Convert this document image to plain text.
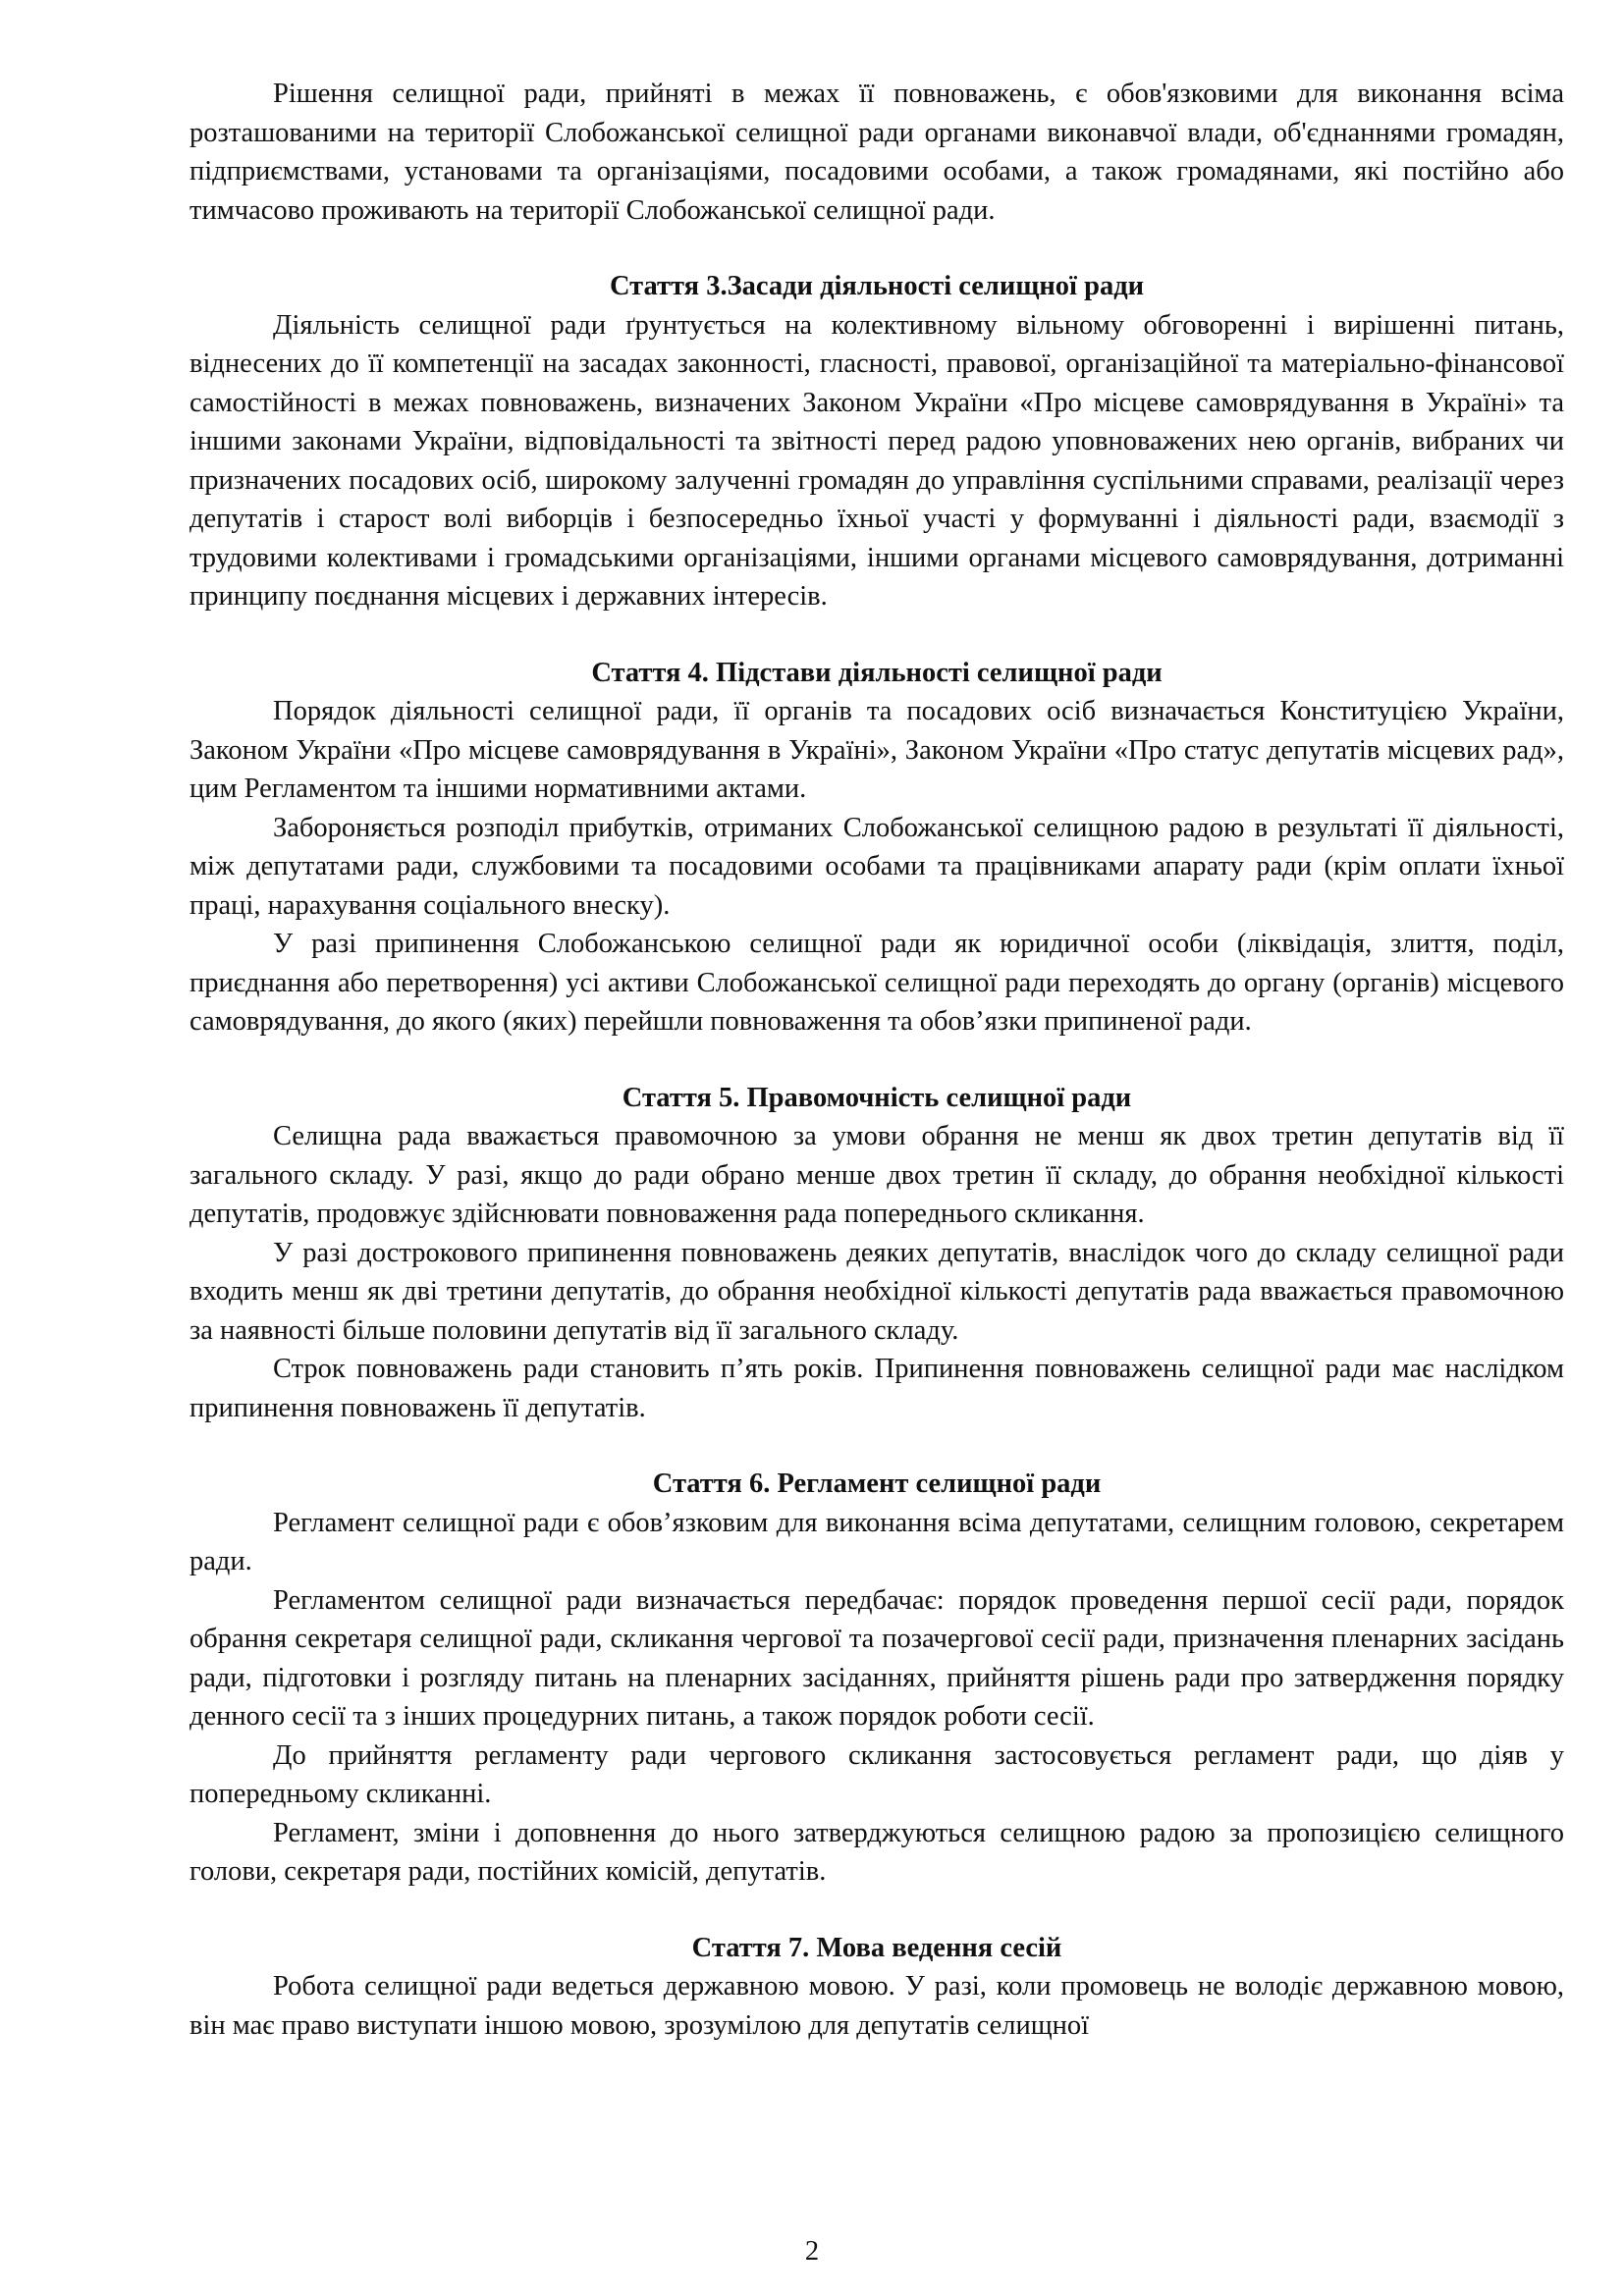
Рішення селищної ради, прийняті в межах її повноважень, є обов'язковими для виконання всіма розташованими на території Слобожанської селищної ради органами виконавчої влади, об'єднаннями громадян, підприємствами, установами та організаціями, посадовими особами, а також громадянами, які постійно або тимчасово проживають на території Слобожанської селищної ради.

Стаття 3.Засади діяльності селищної ради

Діяльність селищної ради ґрунтується на колективному вільному обговоренні і вирішенні питань, віднесених до її компетенції на засадах законності, гласності, правової, організаційної та матеріально-фінансової самостійності в межах повноважень, визначених Законом України «Про місцеве самоврядування в Україні» та іншими законами України, відповідальності та звітності перед радою уповноважених нею органів, вибраних чи призначених посадових осіб, широкому залученні громадян до управління суспільними справами, реалізації через депутатів і старост волі виборців і безпосередньо їхньої участі у формуванні і діяльності ради, взаємодії з трудовими колективами і громадськими організаціями, іншими органами місцевого самоврядування, дотриманні принципу поєднання місцевих і державних інтересів.

Стаття 4. Підстави діяльності селищної ради

Порядок діяльності селищної ради, її органів та посадових осіб визначається Конституцією України, Законом України «Про місцеве самоврядування в Україні», Законом України «Про статус депутатів місцевих рад», цим Регламентом та іншими нормативними актами.

Забороняється розподіл прибутків, отриманих Слобожанської селищною радою в результаті її діяльності, між депутатами ради, службовими та посадовими особами та працівниками апарату ради (крім оплати їхньої праці, нарахування соціального внеску).

У разі припинення Слобожанською селищної ради як юридичної особи (ліквідація, злиття, поділ, приєднання або перетворення) усі активи Слобожанської селищної ради переходять до органу (органів) місцевого самоврядування, до якого (яких) перейшли повноваження та обов’язки припиненої ради.

Стаття 5. Правомочність селищної ради

Селищна рада вважається правомочною за умови обрання не менш як двох третин депутатів від її загального складу. У разі, якщо до ради обрано менше двох третин її складу, до обрання необхідної кількості депутатів, продовжує здійснювати повноваження рада попереднього скликання.

У разі дострокового припинення повноважень деяких депутатів, внаслідок чого до складу селищної ради входить менш як дві третини депутатів, до обрання необхідної кількості депутатів рада вважається правомочною за наявності більше половини депутатів від її загального складу.

Строк повноважень ради становить п’ять років. Припинення повноважень селищної ради має наслідком припинення повноважень її депутатів.

Стаття 6. Регламент селищної ради

Регламент селищної ради є обов’язковим для виконання всіма депутатами, селищним головою, секретарем ради.

Регламентом селищної ради визначається передбачає: порядок проведення першої сесії ради, порядок обрання секретаря селищної ради, скликання чергової та позачергової сесії ради, призначення пленарних засідань ради, підготовки і розгляду питань на пленарних засіданнях, прийняття рішень ради про затвердження порядку денного сесії та з інших процедурних питань, а також порядок роботи сесії.

До прийняття регламенту ради чергового скликання застосовується регламент ради, що діяв у попередньому скликанні.

Регламент, зміни і доповнення до нього затверджуються селищною радою за пропозицією селищного голови, секретаря ради, постійних комісій, депутатів.

Стаття 7. Мова ведення сесій

Робота селищної ради ведеться державною мовою. У разі, коли промовець не володіє державною мовою, він має право виступати іншою мовою, зрозумілою для депутатів селищної

2
